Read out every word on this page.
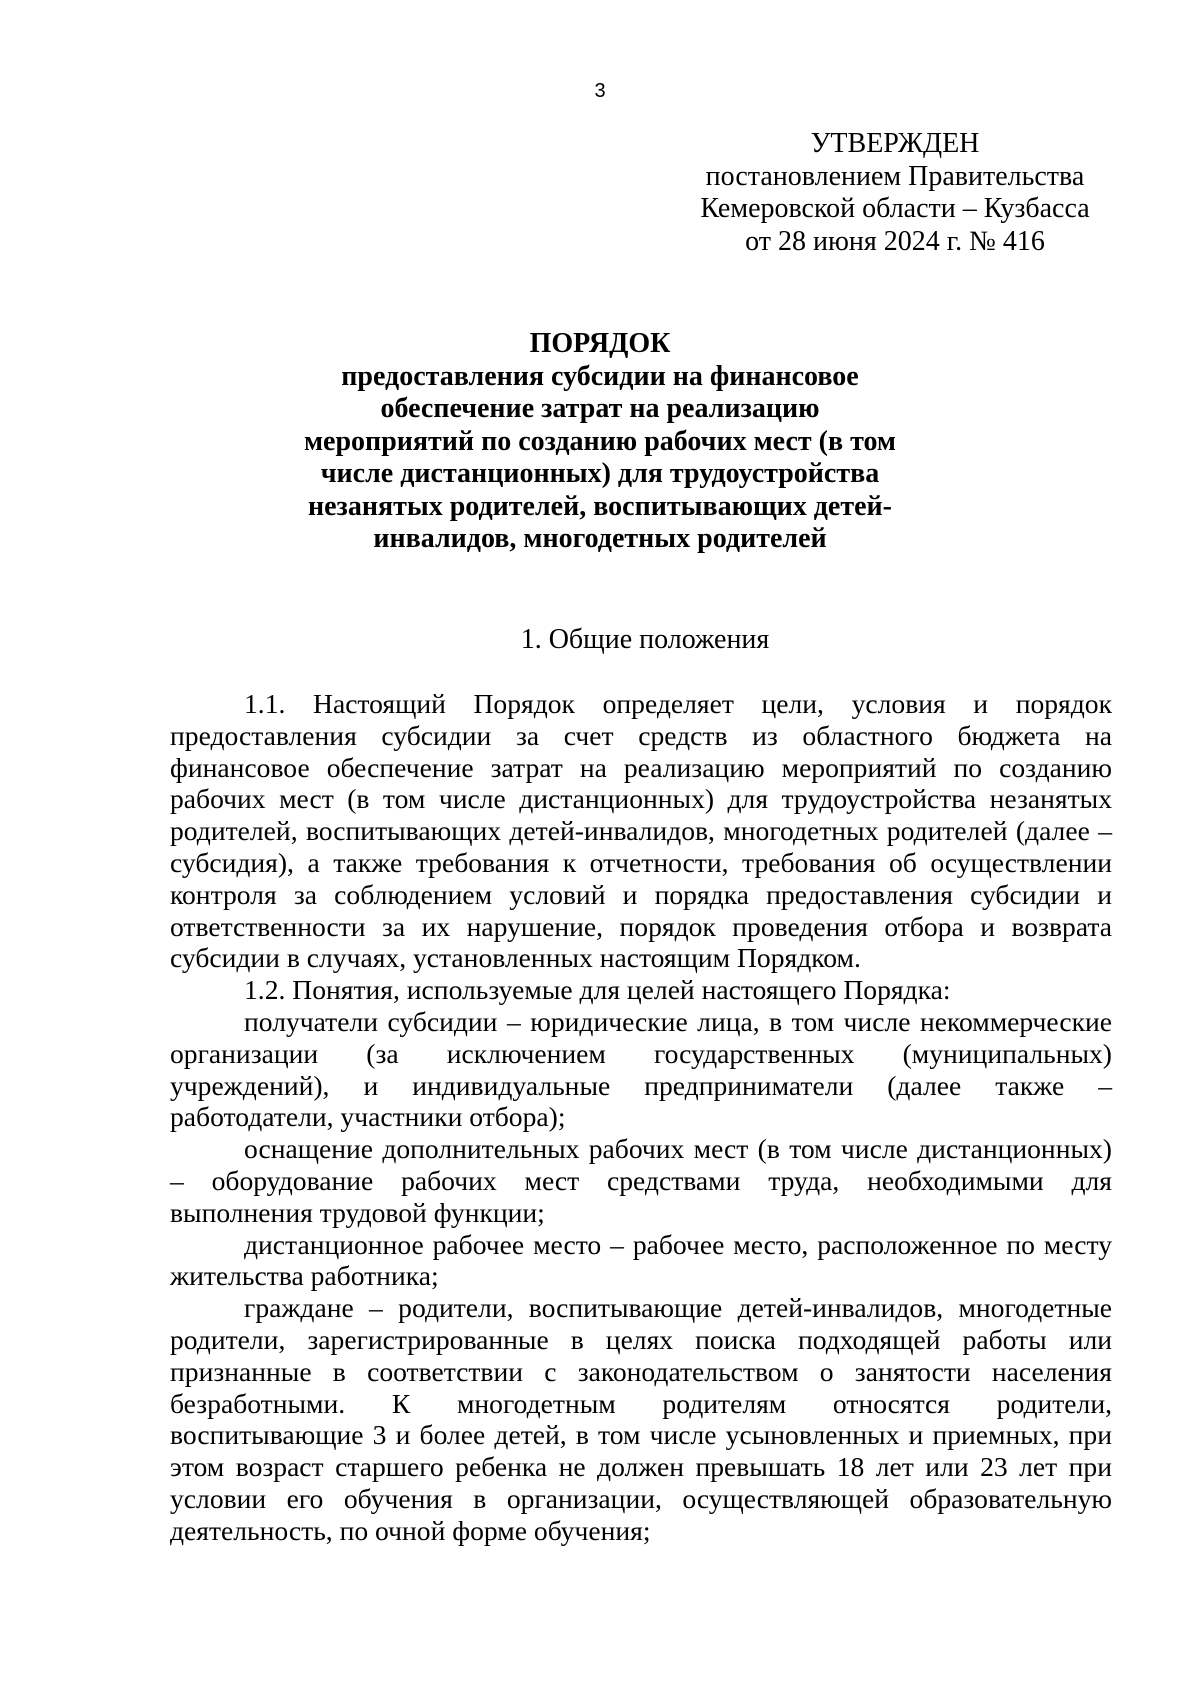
3
УТВЕРЖДЕН
постановлением Правительства
Кемеровской области – Кузбасса
от 28 июня 2024 г. № 416
ПОРЯДОК
предоставления субсидии на финансовое
обеспечение затрат на реализацию
мероприятий по созданию рабочих мест (в том
числе дистанционных) для трудоустройства
незанятых родителей, воспитывающих детей-
инвалидов, многодетных родителей
1. Общие положения

1.1. Настоящий Порядок определяет цели, условия и порядок предоставления субсидии за счет средств из областного бюджета на финансовое обеспечение затрат на реализацию мероприятий по созданию рабочих мест (в том числе дистанционных) для трудоустройства незанятых родителей, воспитывающих детей-инвалидов, многодетных родителей (далее – субсидия), а также требования к отчетности, требования об осуществлении контроля за соблюдением условий и порядка предоставления субсидии и ответственности за их нарушение, порядок проведения отбора и возврата субсидии в случаях, установленных настоящим Порядком.

1.2. Понятия, используемые для целей настоящего Порядка:

получатели субсидии – юридические лица, в том числе некоммерческие организации (за исключением государственных (муниципальных) учреждений), и индивидуальные предприниматели (далее также – работодатели, участники отбора);

оснащение дополнительных рабочих мест (в том числе дистанционных) – оборудование рабочих мест средствами труда, необходимыми для выполнения трудовой функции;

дистанционное рабочее место – рабочее место, расположенное по месту жительства работника;

граждане – родители, воспитывающие детей-инвалидов, многодетные родители, зарегистрированные в целях поиска подходящей работы или признанные в соответствии с законодательством о занятости населения безработными. К многодетным родителям относятся родители, воспитывающие 3 и более детей, в том числе усыновленных и приемных, при этом возраст старшего ребенка не должен превышать 18 лет или 23 лет при условии его обучения в организации, осуществляющей образовательную деятельность, по очной форме обучения;
